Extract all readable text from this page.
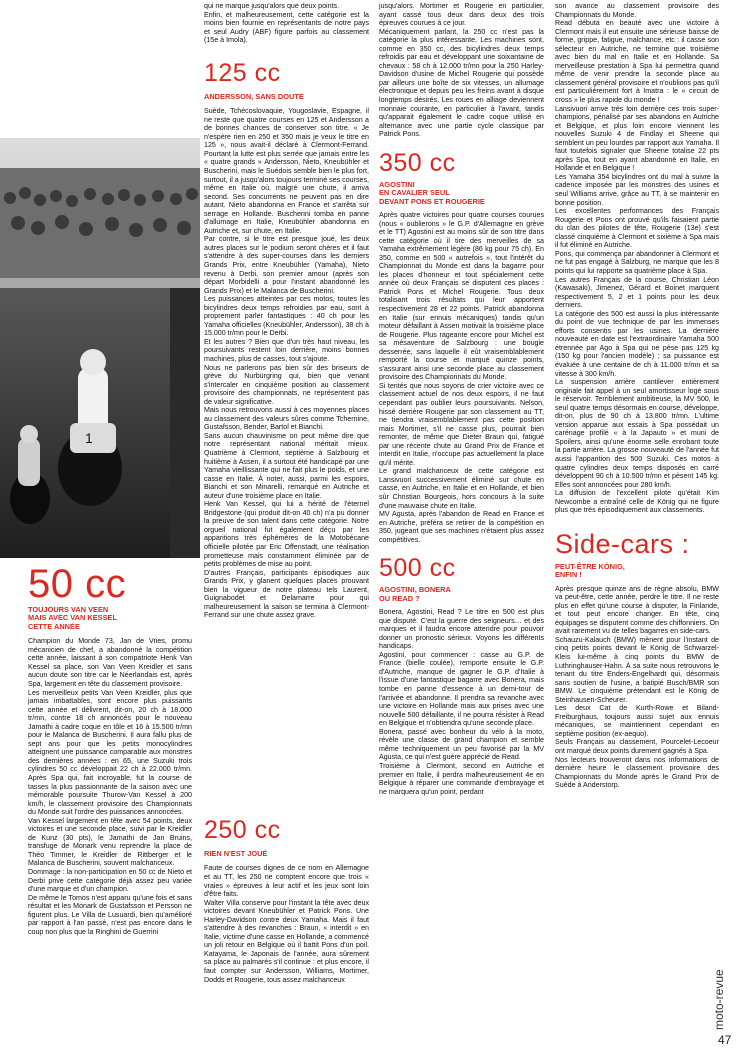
1
50 cc

TOUJOURS VAN VEEN

MAIS AVEC VAN KESSEL

CETTE ANNÉE

Champion du Monde 73, Jan de Vries, promu mécanicien de chef, a abandonné la compétition cette année, laissant à son compatriote Henk Van Kessel sa place, son Van Veen Kreidler et sans aucun doute son titre car le Néerlandais est, après Spa, largement en tête du classement provisoire.

Les merveilleux petits Van Veen Kreidler, plus que jamais imbattables, sont encore plus puissants cette année et délivrent, dit-on, 20 ch à 18.000 tr/mn, contre 18 ch annoncés pour le nouveau Jamathi à cadre coque en tôle et 16 à 15.500 tr/mn pour le Malanca de Buscherini. Il aura fallu plus de sept ans pour que les petits monocylindres atteignent une puissance comparable aux monstres des dernières années : en 65, une Suzuki trois cylindres 50 cc développait 22 ch à 22.000 tr/mn. Après Spa qui, fait incroyable, fut la course de tasses la plus passionnante de la saison avec une mémorable poursuite Thurow-Van Kessel à 200 km/h, le classement provisoire des Championnats du Monde suit l'ordre des puissances annoncées.

Van Kessel largement en tête avec 54 points, deux victoires et une seconde place, suivi par le Kreidler de Kunz (30 pts), le Jamathi de Jan Bruins, transfuge de Monark venu reprendre la place de Théo Timmer, le Kreidler de Rittberger et le Malanca de Buscherini, souvent malchanceux.

Dommage : la non-participation en 50 cc de Nieto et Derbi prive cette catégorie déjà assez peu variée d'une marque et d'un champion.

De même le Tomos n'est apparu qu'une fois et sans résultat et les Monark de Gustafsson et Persson ne figurent plus. Le Villa de Lusuardi, bien qu'amélioré par rapport à l'an passé, n'est pas encore dans le coup non plus que la Ringhini de Guerrini

qui ne marque jusqu'alors que deux points.

Enfin, et malheureusement, cette catégorie est la moins bien fournie en représentants de notre pays et seul Audry (ABF) figure parfois au classement (15e à Imola).

125 cc

ANDERSSON, SANS DOUTE

Suède, Tchécoslovaquie, Yougoslavie, Espagne, il ne reste que quatre courses en 125 et Andersson a de bonnes chances de conserver son titre. « Je n'espère rien en 250 et 350 mais je veux le titre en 125 », nous avait-il déclaré à Clermont-Ferrand. Pourtant la lutte est plus serrée que jamais entre les « quatre grands » Andersson, Nieto, Kneubühler et Buscherini, mais le Suédois semble bien le plus fort, surtout, il a jusqu'alors toujours terminé ses courses, même en Italie où, malgré une chute, il arriva second. Ses concurrents ne peuvent pas en dire autant. Nieto abandonna en France et s'arrêta sur serrage en Hollande. Buscherini tomba en panne d'allumage en Italie, Kneubühler abandonna en Autriche et, sur chute, en Italie.

Par contre, si le titre est presque joué, les deux autres places sur le podium seront chères et il faut s'attendre à des super-courses dans les derniers Grands Prix, entre Kneubühler (Yamaha), Nieto revenu à Derbi, son premier amour (après son départ Morbidelli a pour l'instant abandonné les Grands Prix) et le Malanca de Buscherini.

Les puissances atteintes par ces motos, toutes les bicylindres deux temps refroidies par eau, sont à proprement parler fantastiques : 40 ch pour les Yamaha officielles (Kneubühler, Andersson), 38 ch à 15.000 tr/mn pour le Derbi.

Et les autres ? Bien que d'un très haut niveau, les poursuivants restent loin derrière, moins bonnes machines, plus de casses, tout s'ajoute.

Nous ne parlerons pas bien sûr des briseurs de grève du Nurbürgring qui, bien que venant s'intercaler en cinquième position au classement provisoire des championnats, ne représentent pas de valeur significative.

Mais nous retrouvons aussi à ces moyennes places au classement des valeurs sûres comme Tchernine, Gustafsson, Bender, Bartol et Bianchi.

Sans aucun chauvinisme on peut même dire que notre représentant national méritait mieux. Quatrième à Clermont, septième à Salzbourg et huitième à Assen, il a surtout été handicapé par une Yamaha vieillissante qui ne fait plus le poids, et une casse en Italie. À noter, aussi, parmi les espoirs, Bianchi et son Minarelli, remarqué en Autriche et auteur d'une troisième place en Italie.

Henk Van Kessel, qui lui a hérité de l'éternel Bridgestone (qui produit dit-on 40 ch) n'a pu donner la preuve de son talent dans cette catégorie. Notre orgueil national fut également déçu par les apparitions très éphémères de la Motobécane officielle pilotée par Eric Offenstadt, une réalisation prometteuse mais constamment éliminée par de petits problèmes de mise au point.

D'autres Français, participants épisodiques aux Grands Prix, y glanent quelques places prouvant bien la vigueur de notre plateau tels Laurent, Guignabodet et Delamarre pour qui malheureusement la saison se termina à Clermont-Ferrand sur une chute assez grave.

250 cc

RIEN N'EST JOUÉ

Faute de courses dignes de ce nom en Allemagne et au TT, les 250 ne comptent encore que trois « vraies » épreuves à leur actif et les jeux sont loin d'être faits.

Walter Villa conserve pour l'instant la tête avec deux victoires devant Kneubühler et Patrick Pons. Une Harley-Davidson contre deux Yamaha. Mais il faut s'attendre à des revanches : Braun, « interdit » en Italie, victime d'une casse en Hollande, a commencé un joli retour en Belgique où il battit Pons d'un poil. Katayama, le Japonais de l'année, aura sûrement sa place au palmarès s'il continue : et plus encore, il faut compter sur Andersson, Williams, Mortimer, Dodds et Rougerie, tous assez malchanceux

jusqu'alors. Mortimer et Rougerie en particulier, ayant cassé tous deux dans deux des trois épreuves courues à ce jour.

Mécaniquement parlant, la 250 cc n'est pas la catégorie la plus intéressante. Les machines sont, comme en 350 cc, des bicylindres deux temps refroidis par eau et développant une soixantaine de chevaux : 58 ch à 12.000 tr/mn pour la 250 Harley-Davidson d'usine de Michel Rougerie qui possède par ailleurs une boîte de six vitesses, un allumage électronique et depuis peu les freins avant à disque longtemps désirés. Les roues en alliage deviennent monnaie courante, en particulier à l'avant, tandis qu'apparait également le cadre coque utilisé en alternance avec une partie cycle classique par Patrick Pons.

350 cc

AGOSTINI

EN CAVALIER SEUL

DEVANT PONS ET ROUGERIE

Après quatre victoires pour quatre courses courues (nous « oublierons » le G.P. d'Allemagne en grève et le TT) Agostini est au moins sûr de son titre dans cette catégorie où il tire des merveilles de sa Yamaha extrêmement légère (86 kg pour 75 ch). En 350, comme en 500 « autrefois », tout l'intérêt du Championnat du Monde est dans la bagarre pour les places d'honneur et tout spécialement cette année où deux Français se disputent ces places : Patrick Pons et Michel Rougerie. Tous deux totalisant trois résultats qui leur apportent respectivement 28 et 22 points. Patrick abandonna en Italie (sur ennuis mécaniques) tandis qu'un moteur défaillant à Assen motivait la troisième place de Rougerie. Plus rageante encore pour Michel est sa mésaventure de Salzbourg : une bougie desserrée, sans laquelle il eût vraisemblablement remporté la course et marqué quinze points, s'assurant ainsi une seconde place au classement provisoire des Championnats du Monde.

Si tentés que nous soyons de crier victoire avec ce classement actuel de nos deux espoirs, il ne faut cependant pas oublier leurs poursuivants. Nelson, hissé derrière Rougerie par son classement au TT, ne tiendra vraisemblablement pas cette position mais Mortimer, s'il ne casse plus, pourrait bien remonter, de même que Dieter Braun qui, fatigué par une récente chute au Grand Prix de France et interdit en Italie, n'occupe pas actuellement la place qu'il mérite.

Le grand malchanceux de cette catégorie est Lansivuori successivement éliminé sur chute en casse, en Autriche, en Italie et en Hollande, et bien sûr Christian Bourgeois, hors concours à la suite d'une mauvaise chute en Italie.

MV Agusta, après l'abandon de Read en France et en Autriche, préféra se retirer de la compétition en 350, jugeant que ses machines n'étaient plus assez compétitives.

500 cc

AGOSTINI, BONERA

OU READ ?

Bonera, Agostini, Read ? Le titre en 500 est plus que disputé. C'est la guerre des seigneurs… et des marques et il faudra encore attendre pour pouvoir donner un pronostic sérieux. Voyons les différents handicaps.

Agostini, pour commencer : casse au G.P. de France (bielle coulée), remporte ensuite le G.P. d'Autriche, manque de gagner le G.P. d'Italie à l'issue d'une fantastique bagarre avec Bonera, mais tombe en panne d'essence à un demi-tour de l'arrivée et abandonne. Il prendra sa revanche avec une victoire en Hollande mais aux prises avec une nouvelle 500 défaillante, il ne pourra résister à Read en Belgique et n'obtiendra qu'une seconde place.

Bonera, passé avec bonheur du vélo à la moto, révèle une classe de grand champion et semble même techniquement un peu favorisé par la MV Agusta, ce qui n'est guère apprécié de Read.

Troisième à Clermont, second en Autriche et premier en Italie, il perdra malheureusement 4e en Belgique à réparer une commande d'embrayage et ne marquera qu'un point, perdant

son avance au classement provisoire des Championnats du Monde.

Read débuta en beauté avec une victoire à Clermont mais il eut ensuite une sérieuse baisse de forme, grippe, fatigue, malchance, etc : il casse son sélecteur en Autriche, ne termine que troisième avec bien du mal en Italie et en Hollande. Sa merveilleuse prestation à Spa lui permettra quand même de venir prendre la seconde place au classement général provisoire et n'oublions pas qu'il est particulièrement fort à Imatra : le « circuit de cross » le plus rapide du monde !

Lansivuori arrive très loin derrière ces trois super-champions, pénalisé par ses abandons en Autriche et Belgique, et plus loin encore viennent les nouvelles Suzuki 4 de Findlay et Sheene qui semblent un peu lourdes par rapport aux Yamaha. Il faut toutefois signaler que Sheene totalise 22 pts après Spa, tout en ayant abandonné en Italie, en Hollande et en Belgique !

Les Yamaha 354 bicylindres ont du mal à suivre la cadence imposée par les monstres des usines et seul Williams arrive, grâce au TT, à se maintenir en bonne position.

Les excellentes performances des Français Rougerie et Pons ont prouvé qu'ils faisaient partie du clan des pilotes de tête, Rougerie (13e) s'est classé cinquième à Clermont et sixième à Spa mais il fut éliminé en Autriche.

Pons, qui commença par abandonner à Clermont et ne fut pas engagé à Salzburg, ne marque que les 8 points qui lui rapporte sa quatrième place à Spa.

Les autres Français de la course, Christian Léon (Kawasaki), Jimenez, Gérard et Boinet marquent respectivement 5, 2 et 1 points pour les deux derniers.

La catégorie des 500 est aussi la plus intéressante du point de vue technique de par les immenses efforts consentis par les usines. La dernière nouveauté en date est l'extraordinaire Yamaha 500 étrennée par Ago à Spa qui ne pèse pas 125 kg (150 kg pour l'ancien modèle) ; sa puissance est évaluée à une centaine de ch à 11.000 tr/mn et sa vitesse à 300 km/h.

La suspension arrière cantilever entièrement originale fait appel à un seul amortisseur logé sous le réservoir. Terriblement ambitieuse, la MV 500, le seul quatre temps désormais en course, développe, dit-on, plus de 90 ch à 13.800 tr/mn. L'ultime version apparue aux essais à Spa possédait un carénage profilé « à la Japauto » et muni de Spoilers, ainsi qu'une énorme selle enrobant toute la partie arrière. La grosse nouveauté de l'année fut aussi l'apparition des 500 Suzuki. Ces motos à quatre cylindres deux temps disposés en carré développent 90 ch à 10.500 tr/mn et pèsent 145 kg. Elles sont annoncées pour 280 km/h.

La diffusion de l'excellent pilote qu'était Kim Newcombe a entraîné celle de König qui ne figure plus que très épisodiquement aux classements.

Side-cars :

PEUT-ÊTRE KÖNIG,

ENFIN !

Après presque quinze ans de règne absolu, BMW va peut-être, cette année, perdre le titre. Il ne reste plus en effet qu'une course à disputer, la Finlande, et tout peut encore changer. En tête, cinq équipages se disputent comme des chiffonniers. On avait rarement vu de telles bagarres en side-cars.

Schauzu-Kalauch (BMW) mènent pour l'instant de cinq petits points devant le König de Schwarzel-Kleis lui-même à cinq points du BMW de Luthringhauser-Hahn. À sa suite nous retrouvons le tenant du titre Enders-Engelhardt qui, désormais sans soutien de l'usine, a batipié Busch/BMR son BMW. Le cinquième prétendant est le König de Steinhausen-Scheurer.

Les deux Cat de Kurth-Rowe et Biland-Freiburghaus, toujours aussi sujet aux ennuis mécaniques, se maintiennent cependant en septième position (ex-aequo).

Seuls Français au classement, Pourcelet-Lecoeur ont marqué deux points durement gagnés à Spa.

Nos lecteurs trouveront dans nos informations de dernière heure le classement provisoire des Championnats du Monde après le Grand Prix de Suède à Anderstorp.

moto-revue
47
